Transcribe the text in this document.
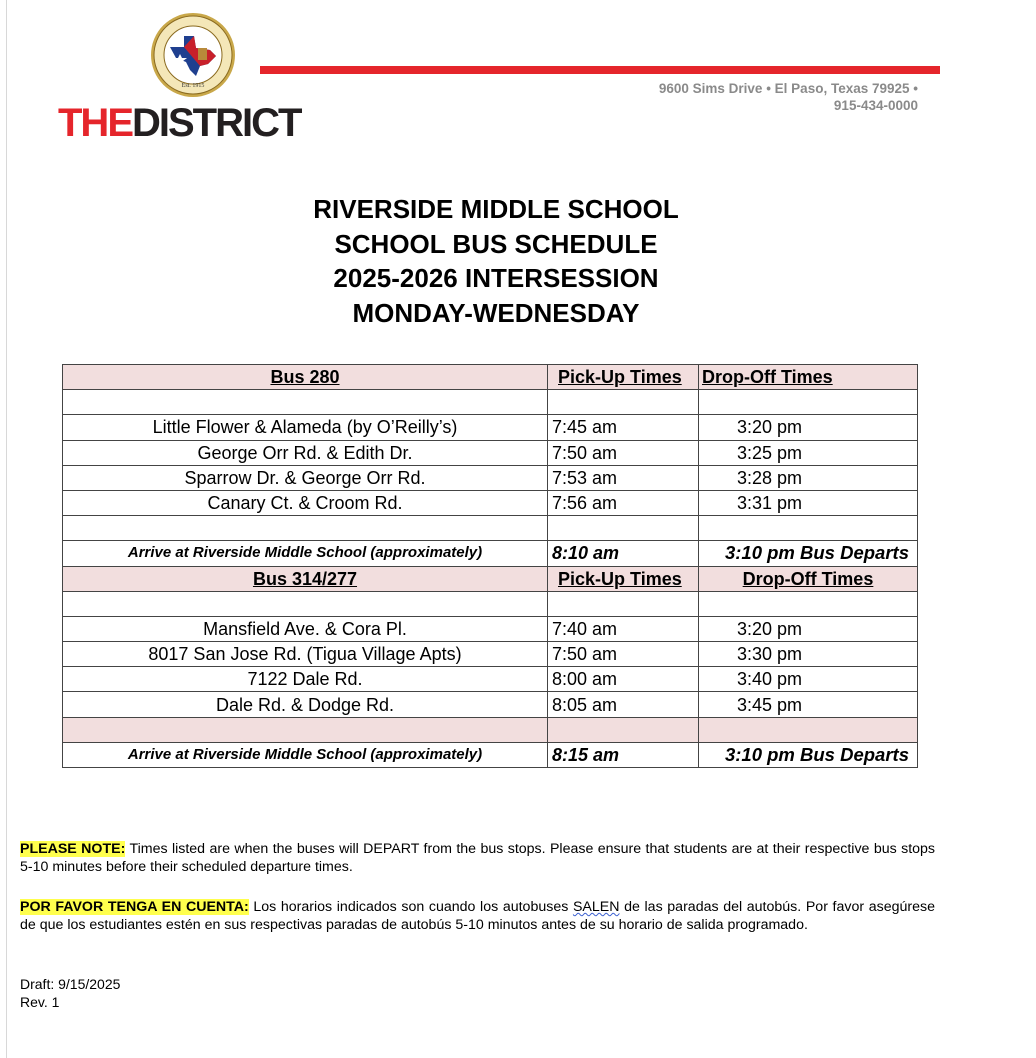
Est. 1915
THEDISTRICT
9600 Sims Drive • El Paso, Texas 79925 •
915-434-0000
RIVERSIDE MIDDLE SCHOOL
SCHOOL BUS SCHEDULE
2025-2026 INTERSESSION
MONDAY-WEDNESDAY
Bus 280	Pick-Up Times	Drop-Off Times

Little Flower & Alameda (by O’Reilly’s)	7:45 am	3:20 pm
George Orr Rd. & Edith Dr.	7:50 am	3:25 pm
Sparrow Dr. & George Orr Rd.	7:53 am	3:28 pm
Canary Ct. & Croom Rd.	7:56 am	3:31 pm

Arrive at Riverside Middle School (approximately)	8:10 am	3:10 pm Bus Departs
Bus 314/277	Pick-Up Times	Drop-Off Times

Mansfield Ave. & Cora Pl.	7:40 am	3:20 pm
8017 San Jose Rd. (Tigua Village Apts)	7:50 am	3:30 pm
7122 Dale Rd.	8:00 am	3:40 pm
Dale Rd. & Dodge Rd.	8:05 am	3:45 pm

Arrive at Riverside Middle School (approximately)	8:15 am	3:10 pm Bus Departs
PLEASE NOTE: Times listed are when the buses will DEPART from the bus stops. Please ensure that students are at their respective bus stops 5-10 minutes before their scheduled departure times.
POR FAVOR TENGA EN CUENTA: Los horarios indicados son cuando los autobuses SALEN de las paradas del autobús. Por favor asegúrese de que los estudiantes estén en sus respectivas paradas de autobús 5-10 minutos antes de su horario de salida programado.
Draft: 9/15/2025
Rev. 1
